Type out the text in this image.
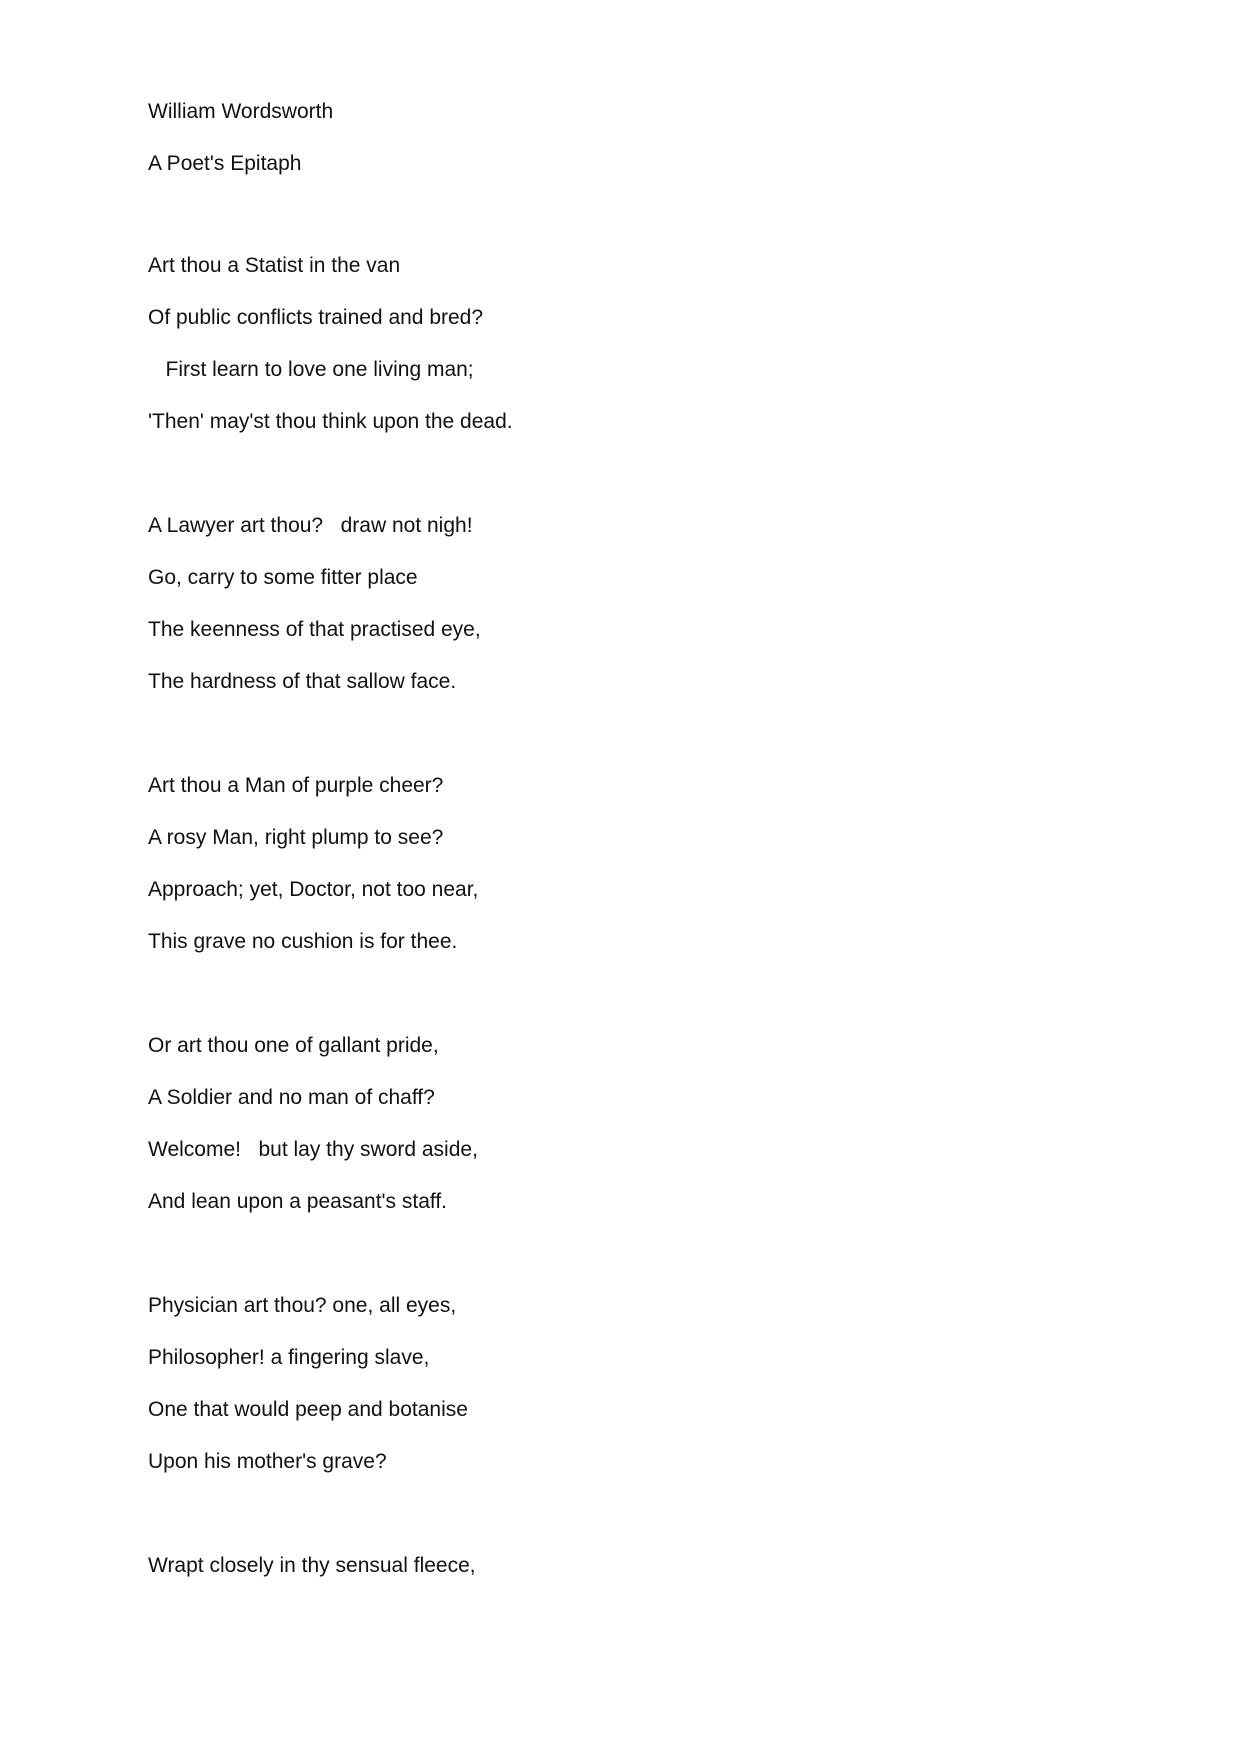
William Wordsworth

A Poet's Epitaph

Art thou a Statist in the van

Of public conflicts trained and bred?

First learn to love one living man;

'Then' may'st thou think upon the dead.

A Lawyer art thou?   draw not nigh!

Go, carry to some fitter place

The keenness of that practised eye,

The hardness of that sallow face.

Art thou a Man of purple cheer?

A rosy Man, right plump to see?

Approach; yet, Doctor, not too near,

This grave no cushion is for thee.

Or art thou one of gallant pride,

A Soldier and no man of chaff?

Welcome!   but lay thy sword aside,

And lean upon a peasant's staff.

Physician art thou? one, all eyes,

Philosopher! a fingering slave,

One that would peep and botanise

Upon his mother's grave?

Wrapt closely in thy sensual fleece,
